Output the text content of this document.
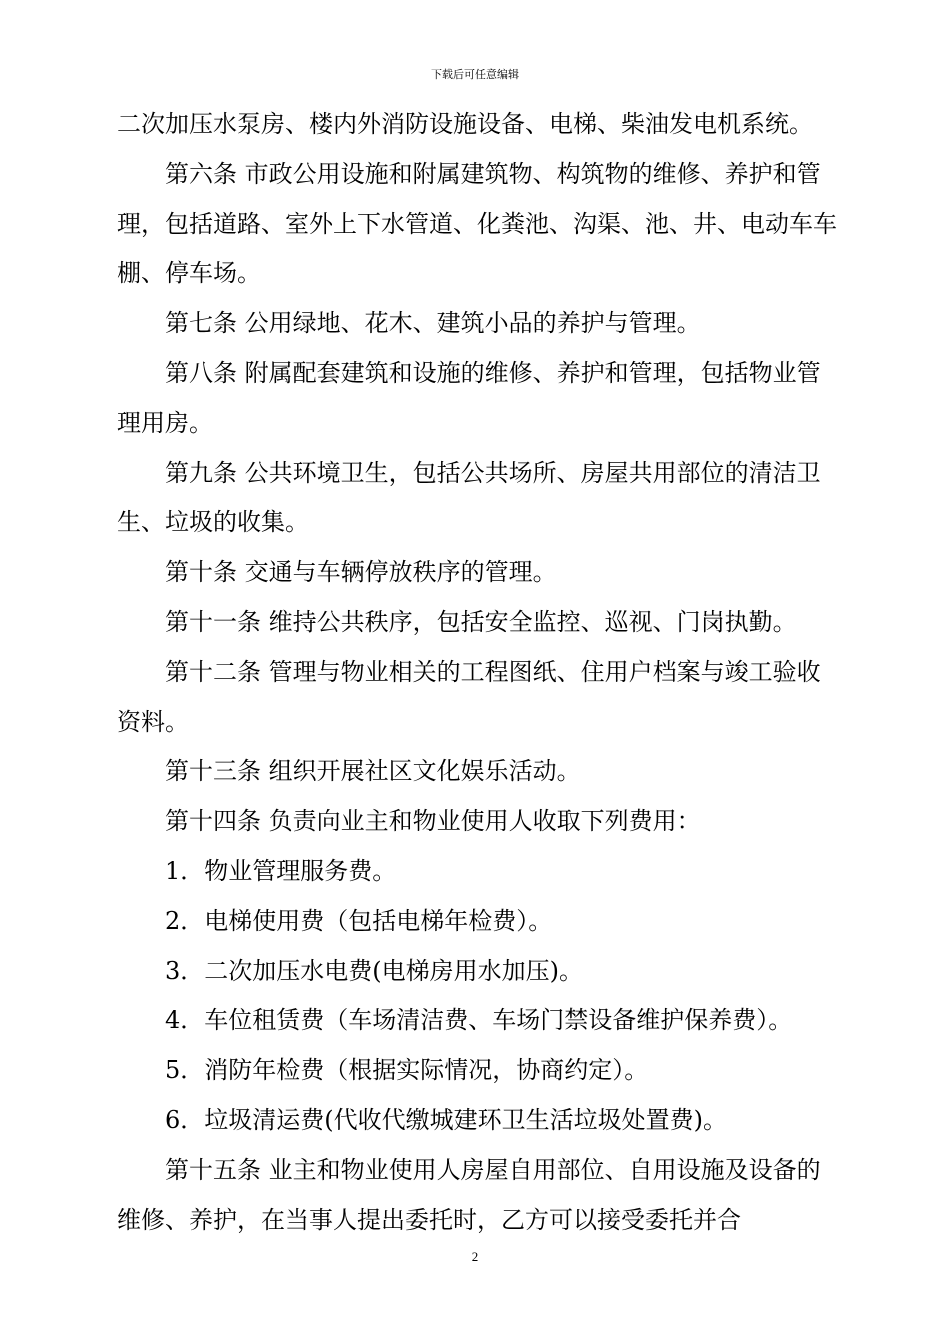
下载后可任意编辑

二次加压水泵房、楼内外消防设施设备、电梯、柴油发电机系统。

第六条 市政公用设施和附属建筑物、构筑物的维修、养护和管理，包括道路、室外上下水管道、化粪池、沟渠、池、井、电动车车棚、停车场。

第七条 公用绿地、花木、建筑小品的养护与管理。

第八条 附属配套建筑和设施的维修、养护和管理，包括物业管理用房。

第九条 公共环境卫生，包括公共场所、房屋共用部位的清洁卫生、垃圾的收集。

第十条 交通与车辆停放秩序的管理。

第十一条 维持公共秩序，包括安全监控、巡视、门岗执勤。

第十二条 管理与物业相关的工程图纸、住用户档案与竣工验收资料。

第十三条 组织开展社区文化娱乐活动。

第十四条 负责向业主和物业使用人收取下列费用：

1．物业管理服务费。

2．电梯使用费（包括电梯年检费）。

3．二次加压水电费(电梯房用水加压)。

4．车位租赁费（车场清洁费、车场门禁设备维护保养费）。

5．消防年检费（根据实际情况，协商约定）。

6．垃圾清运费(代收代缴城建环卫生活垃圾处置费)。

第十五条 业主和物业使用人房屋自用部位、自用设施及设备的维修、养护，在当事人提出委托时，乙方可以接受委托并合

2
